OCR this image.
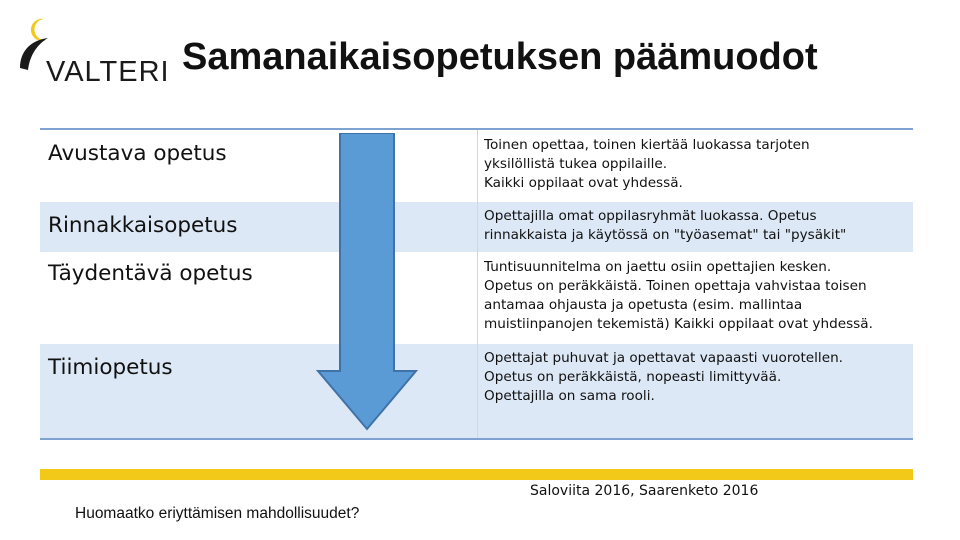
VALTERI Samanaikaisopetuksen päämuodot
Avustava opetus	Toinen opettaa, toinen kiertää luokassa tarjoten
yksilöllistä tukea oppilaille.
Kaikki oppilaat ovat yhdessä.
Rinnakkaisopetus	Opettajilla omat oppilasryhmät luokassa. Opetus
rinnakkaista ja käytössä on "työasemat" tai "pysäkit"
Täydentävä opetus	Tuntisuunnitelma on jaettu osiin opettajien kesken.
Opetus on peräkkäistä. Toinen opettaja vahvistaa toisen
antamaa ohjausta ja opetusta (esim. mallintaa
muistiinpanojen tekemistä) Kaikki oppilaat ovat yhdessä.
Tiimiopetus	Opettajat puhuvat ja opettavat vapaasti vuorotellen.
Opetus on peräkkäistä, nopeasti limittyvää.
Opettajilla on sama rooli.
Saloviita 2016, Saarenketo 2016
Huomaatko eriyttämisen mahdollisuudet?
